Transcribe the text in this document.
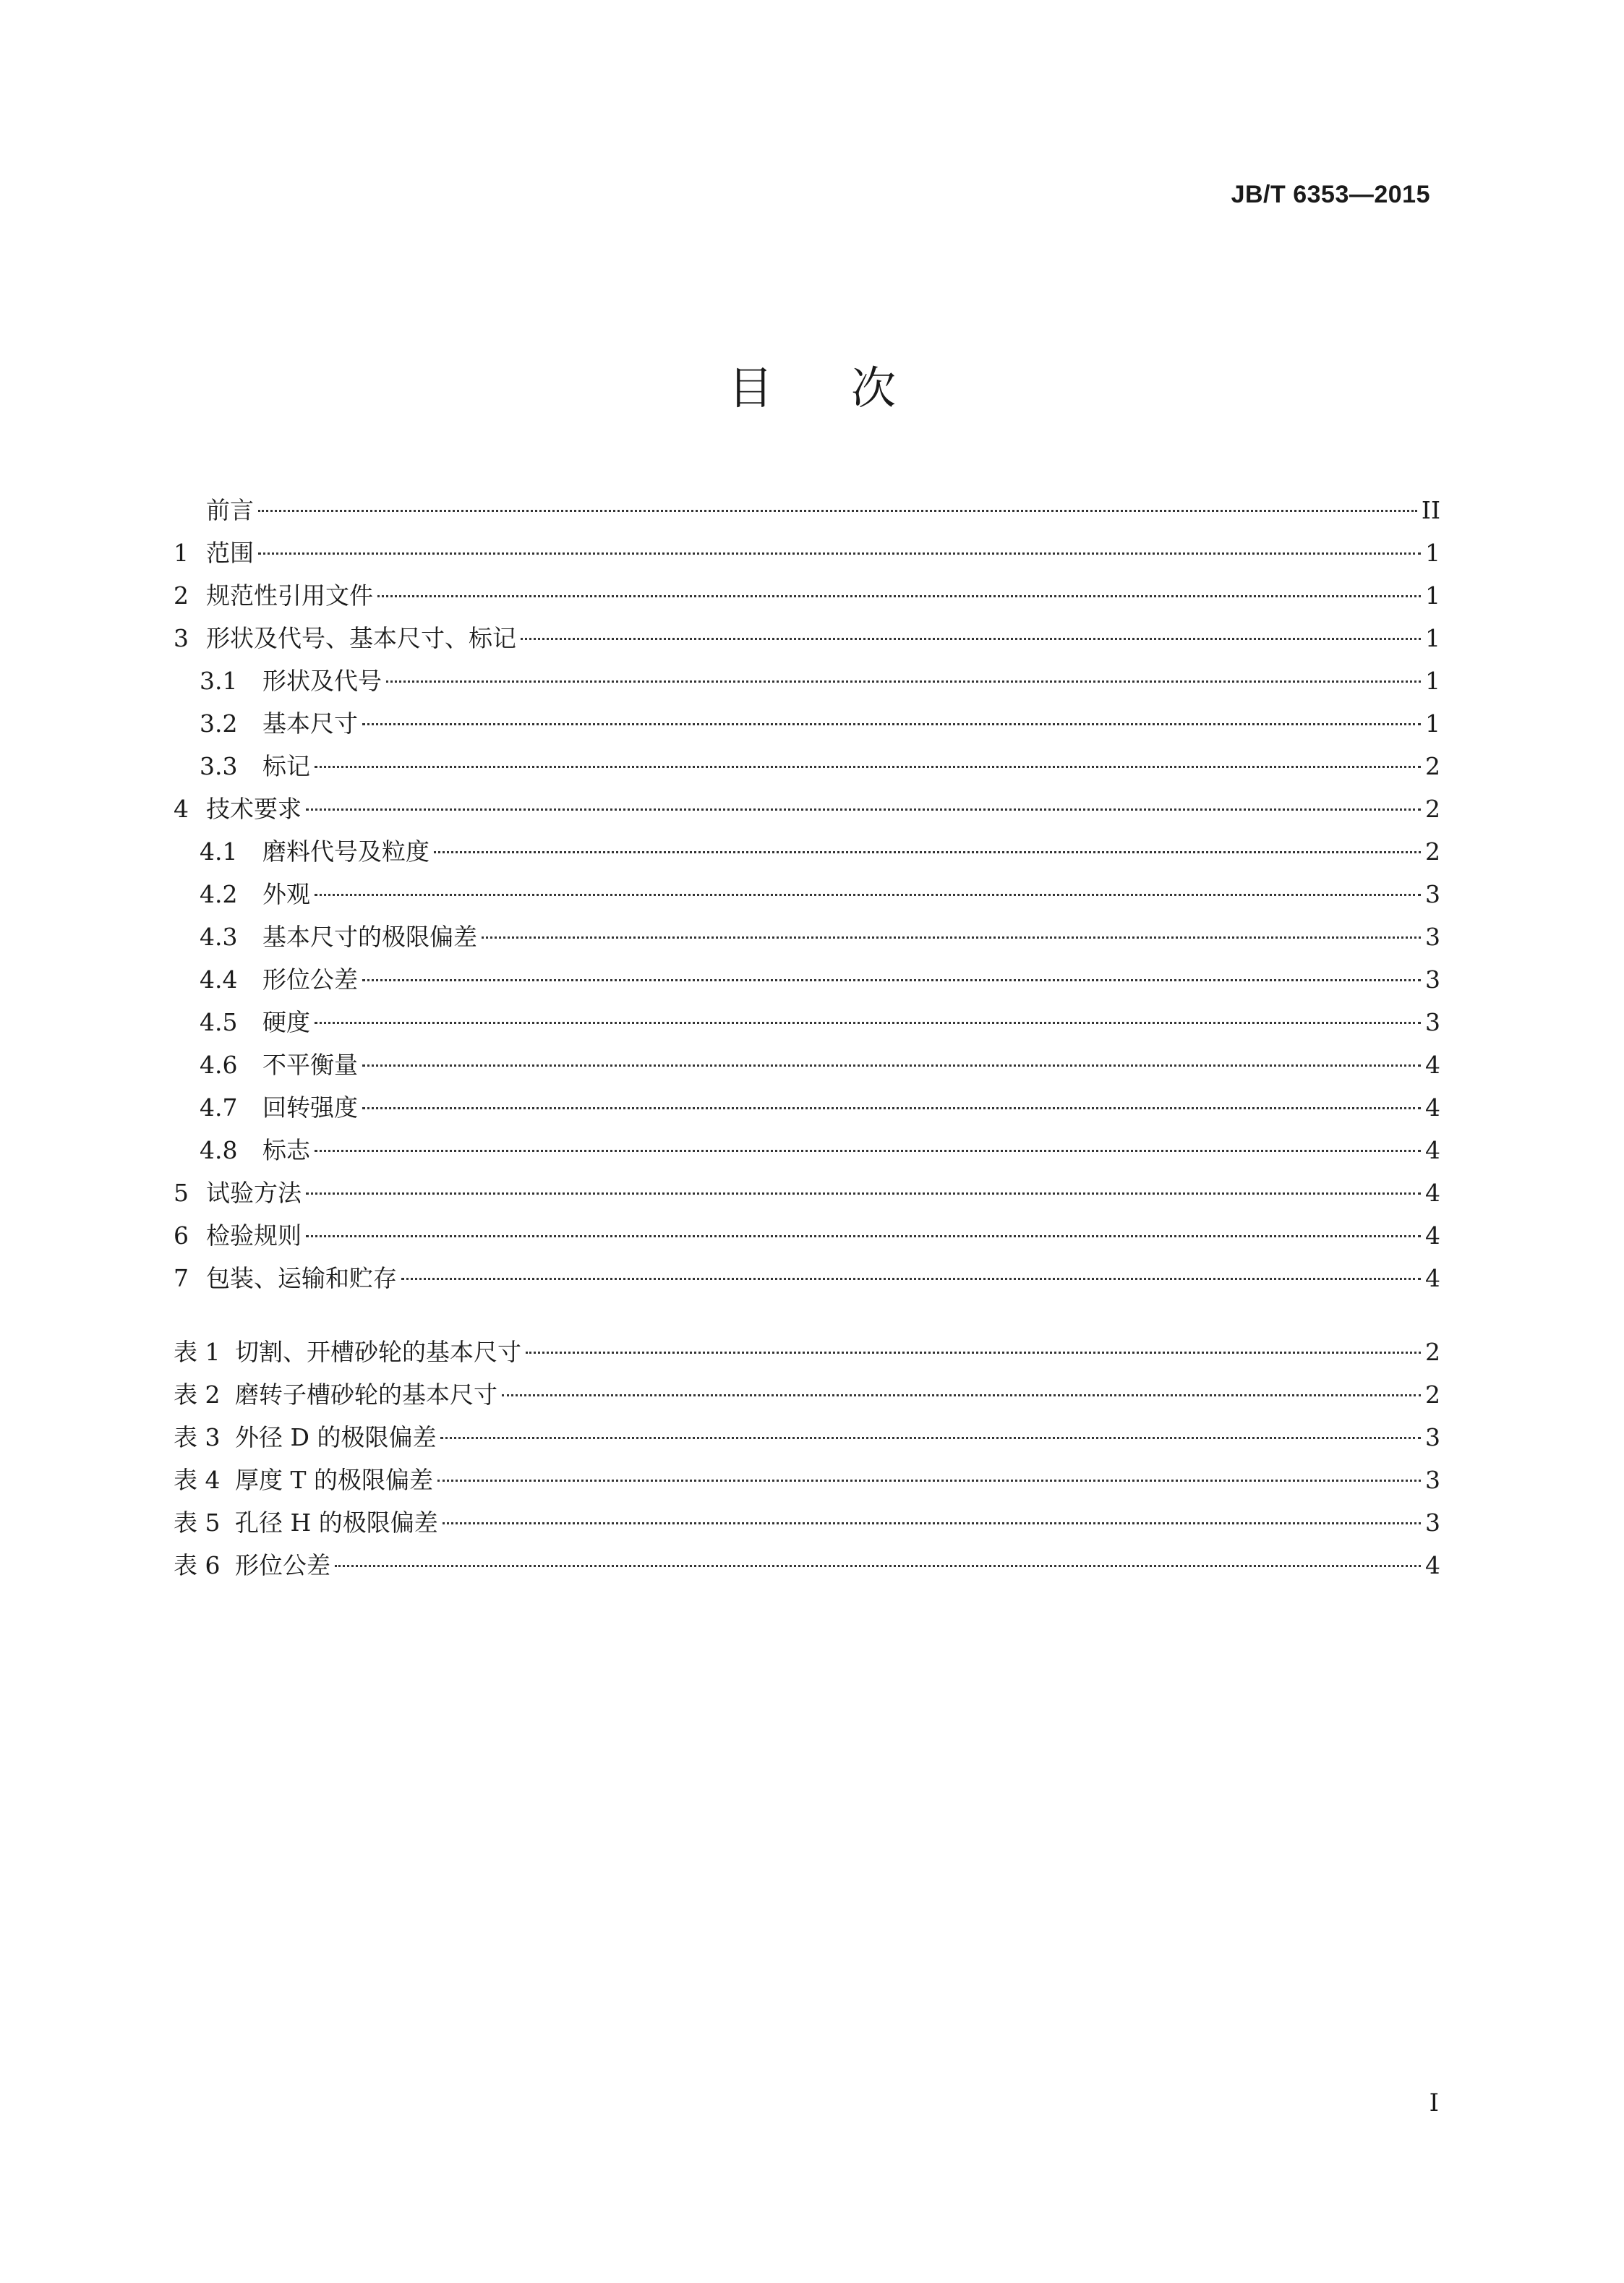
JB/T 6353—2015
目次
前言	II
1 范围	1
2 规范性引用文件	1
3 形状及代号、基本尺寸、标记	1
3.1	形状及代号	1
3.2	基本尺寸	1
3.3	标记	2
4 技术要求	2
4.1	磨料代号及粒度	2
4.2	外观	3
4.3	基本尺寸的极限偏差	3
4.4	形位公差	3
4.5	硬度	3
4.6	不平衡量	4
4.7	回转强度	4
4.8	标志	4
5 试验方法	4
6 检验规则	4
7 包装、运输和贮存	4
表 1 切割、开槽砂轮的基本尺寸	2
表 2 磨转子槽砂轮的基本尺寸	2
表 3 外径 D 的极限偏差	3
表 4 厚度 T 的极限偏差	3
表 5 孔径 H 的极限偏差	3
表 6 形位公差	4
I
